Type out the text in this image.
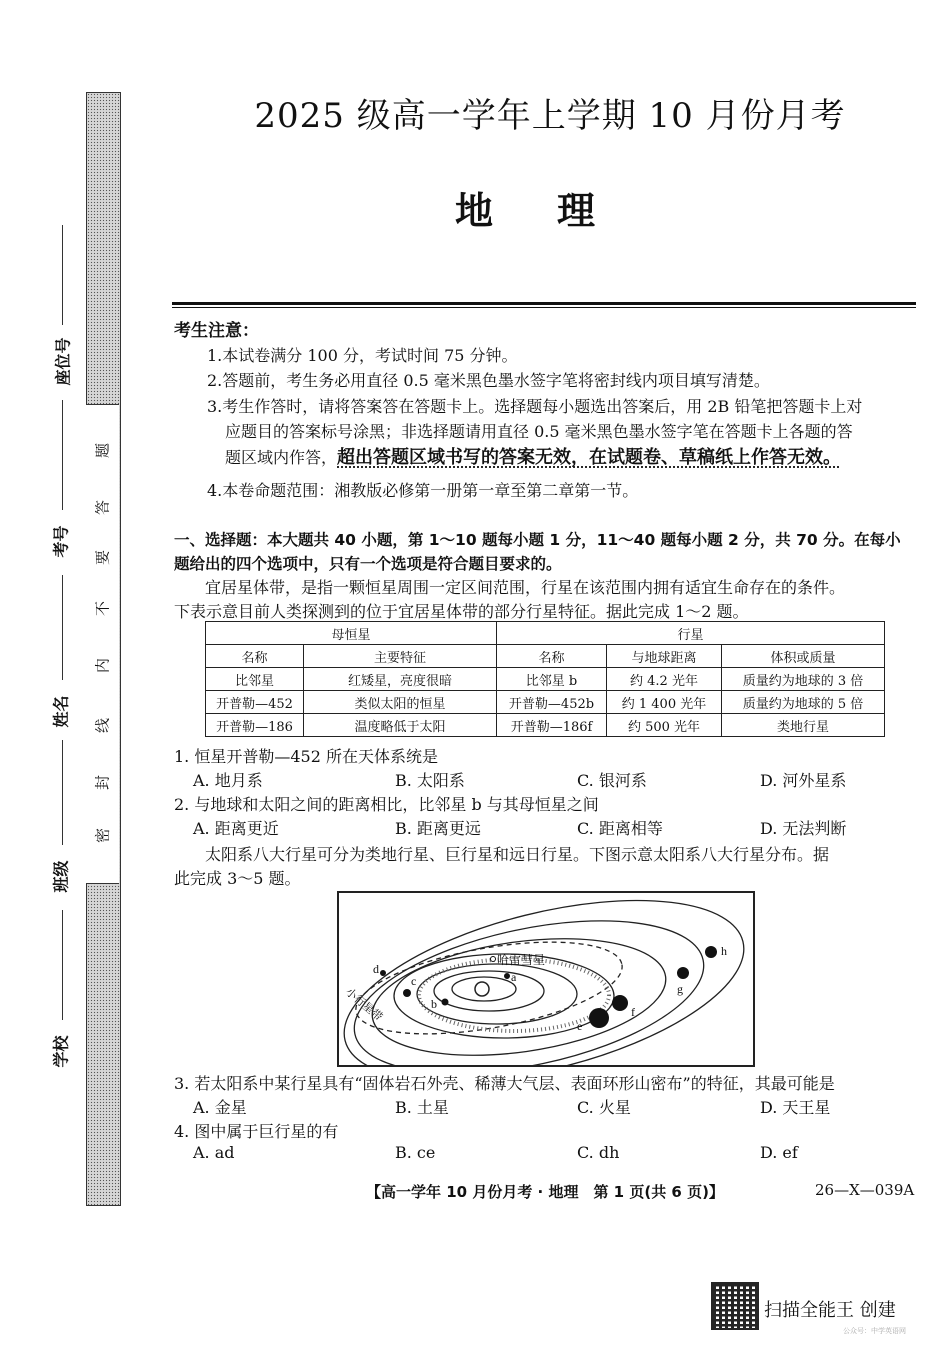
题
答
要
不
内
线
封
密
座位号
考号
姓名
班级
学校
2025 级高一学年上学期 10 月份月考
地理
考生注意：
1.本试卷满分 100 分，考试时间 75 分钟。
2.答题前，考生务必用直径 0.5 毫米黑色墨水签字笔将密封线内项目填写清楚。
3.考生作答时，请将答案答在答题卡上。选择题每小题选出答案后，用 2B 铅笔把答题卡上对
应题目的答案标号涂黑；非选择题请用直径 0.5 毫米黑色墨水签字笔在答题卡上各题的答
题区域内作答，超出答题区域书写的答案无效，在试题卷、草稿纸上作答无效。
4.本卷命题范围：湘教版必修第一册第一章至第二章第一节。
一、选择题：本大题共 40 小题，第 1～10 题每小题 1 分，11～40 题每小题 2 分，共 70 分。在每小
题给出的四个选项中，只有一个选项是符合题目要求的。
宜居星体带，是指一颗恒星周围一定区间范围，行星在该范围内拥有适宜生命存在的条件。
下表示意目前人类探测到的位于宜居星体带的部分行星特征。据此完成 1～2 题。
母恒星		行星		
名称	主要特征	名称	与地球距离	体积或质量
比邻星	红矮星，亮度很暗	比邻星 b	约 4.2 光年	质量约为地球的 3 倍
开普勒—452	类似太阳的恒星	开普勒—452b	约 1 400 光年	质量约为地球的 5 倍
开普勒—186	温度略低于太阳	开普勒—186f	约 500 光年	类地行星
1. 恒星开普勒—452 所在天体系统是
A. 地月系	B. 太阳系	C. 银河系	D. 河外星系
2. 与地球和太阳之间的距离相比，比邻星 b 与其母恒星之间
A. 距离更近	B. 距离更远	C. 距离相等	D. 无法判断
太阳系八大行星可分为类地行星、巨行星和远日行星。下图示意太阳系八大行星分布。据
此完成 3～5 题。
哈雷彗星
a
b
c
d
e
f
g
h
小行星带
3. 若太阳系中某行星具有“固体岩石外壳、稀薄大气层、表面环形山密布”的特征，其最可能是
A. 金星	B. 土星	C. 火星	D. 天王星
4. 图中属于巨行星的有
A. ad	B. ce	C. dh	D. ef
【高一学年 10 月份月考 · 地理　第 1 页(共 6 页)】	26—X—039A
扫描全能王 创建
公众号：中学英语网
